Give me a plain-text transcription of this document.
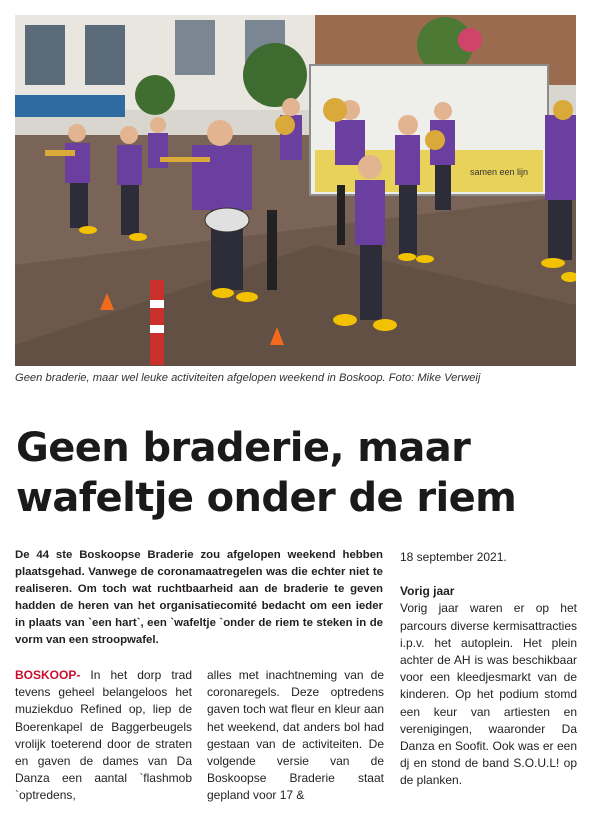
samen een lijn
Geen braderie, maar wel leuke activiteiten afgelopen weekend in Boskoop. Foto: Mike Verweij
Geen braderie, maar wafeltje onder de riem

De 44 ste Boskoopse Braderie zou afgelopen weekend hebben plaatsgehad. Vanwege de coronamaatregelen was die echter niet te realiseren. Om toch wat ruchtbaarheid aan de braderie te geven hadden de heren van het organisatiecomité bedacht om een ieder in plaats van `een hart`, een `wafeltje `onder de riem te steken in de vorm van een stroopwafel.

BOSKOOP- In het dorp trad tevens geheel belangeloos het muziekduo Refined op, liep de Boerenkapel de Baggerbeugels vrolijk toeterend door de straten en gaven de dames van Da Danza een aantal `flashmob `optredens,

alles met inachtneming van de coronaregels. Deze optredens gaven toch wat fleur en kleur aan het weekend, dat anders bol had gestaan van de activiteiten. De volgende versie van de Boskoopse Braderie staat gepland voor 17 &

18 september 2021.

Vorig jaar

Vorig jaar waren er op het parcours diverse kermisattracties i.p.v. het autoplein. Het plein achter de AH is was beschikbaar voor een kleedjesmarkt van de kinderen. Op het podium stomd een keur van artiesten en verenigingen, waaronder Da Danza en Soofit. Ook was er een dj en stond de band S.O.U.L! op de planken.
